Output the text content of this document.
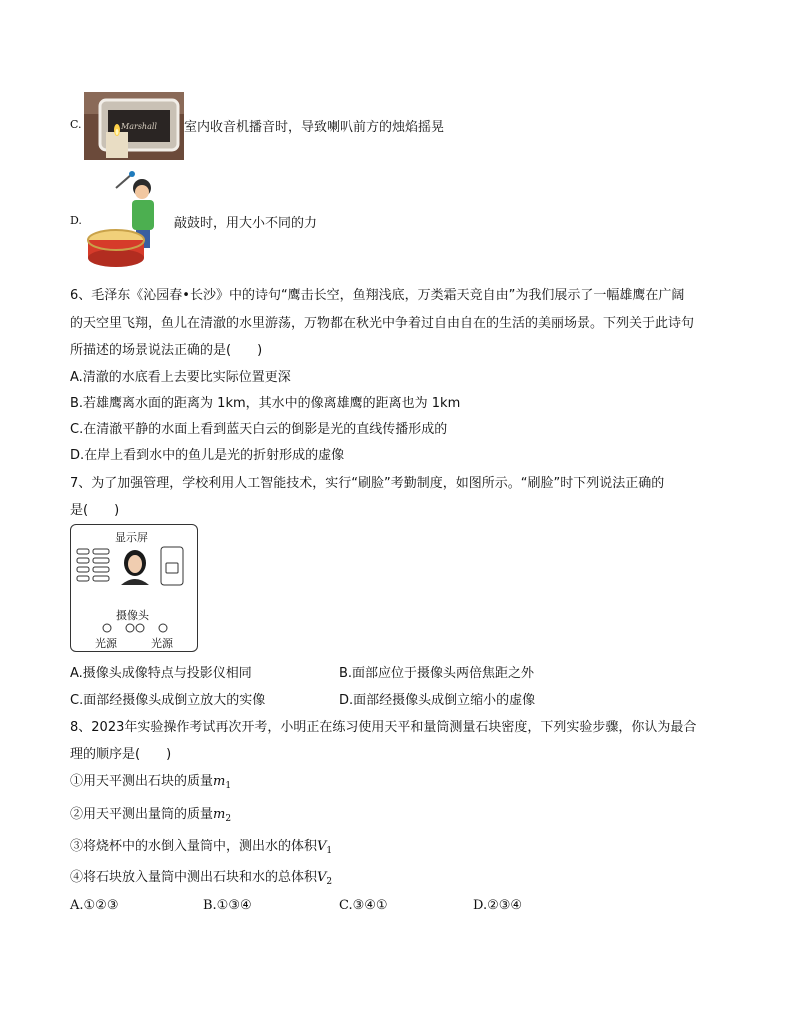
Marshall
C.	室内收音机播音时，导致喇叭前方的烛焰摇晃
D.	敲鼓时，用大小不同的力
6、毛泽东《沁园春•长沙》中的诗句“鹰击长空，鱼翔浅底，万类霜天竞自由”为我们展示了一幅雄鹰在广阔
的天空里飞翔，鱼儿在清澈的水里游荡，万物都在秋光中争着过自由自在的生活的美丽场景。下列关于此诗句
所描述的场景说法正确的是(　　)
A.清澈的水底看上去要比实际位置更深
B.若雄鹰离水面的距离为 1km，其水中的像离雄鹰的距离也为 1km
C.在清澈平静的水面上看到蓝天白云的倒影是光的直线传播形成的
D.在岸上看到水中的鱼儿是光的折射形成的虚像
7、为了加强管理，学校利用人工智能技术，实行“刷脸”考勤制度，如图所示。“刷脸”时下列说法正确的
是(　　)
显示屏
摄像头
光源	光源
A.摄像头成像特点与投影仪相同	B.面部应位于摄像头两倍焦距之外
C.面部经摄像头成倒立放大的实像	D.面部经摄像头成倒立缩小的虚像
8、2023年实验操作考试再次开考，小明正在练习使用天平和量筒测量石块密度，下列实验步骤，你认为最合
理的顺序是(　　)
①用天平测出石块的质量$m_1$
②用天平测出量筒的质量$m_2$
③将烧杯中的水倒入量筒中，测出水的体积$V_1$
④将石块放入量筒中测出石块和水的总体积$V_2$
A.①②③	B.①③④	C.③④①	D.②③④
